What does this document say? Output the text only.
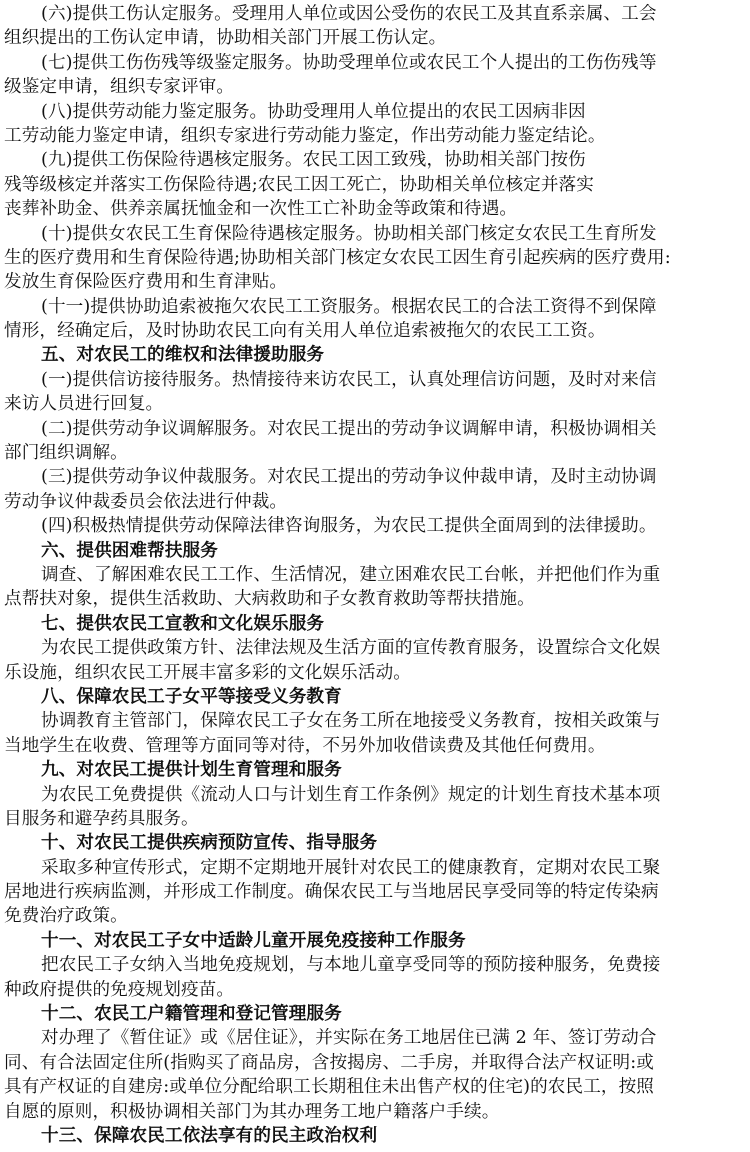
(六)提供工伤认定服务。受理用人单位或因公受伤的农民工及其直系亲属、工会
组织提出的工伤认定申请，协助相关部门开展工伤认定。
(七)提供工伤伤残等级鉴定服务。协助受理单位或农民工个人提出的工伤伤残等
级鉴定申请，组织专家评审。
(八)提供劳动能力鉴定服务。协助受理用人单位提出的农民工因病非因
工劳动能力鉴定申请，组织专家进行劳动能力鉴定，作出劳动能力鉴定结论。
(九)提供工伤保险待遇核定服务。农民工因工致残，协助相关部门按伤
残等级核定并落实工伤保险待遇;农民工因工死亡，协助相关单位核定并落实
丧葬补助金、供养亲属抚恤金和一次性工亡补助金等政策和待遇。
(十)提供女农民工生育保险待遇核定服务。协助相关部门核定女农民工生育所发
生的医疗费用和生育保险待遇;协助相关部门核定女农民工因生育引起疾病的医疗费用:
发放生育保险医疗费用和生育津贴。
(十一)提供协助追索被拖欠农民工工资服务。根据农民工的合法工资得不到保障
情形，经确定后，及时协助农民工向有关用人单位追索被拖欠的农民工工资。
五、对农民工的维权和法律援助服务
(一)提供信访接待服务。热情接待来访农民工，认真处理信访问题，及时对来信
来访人员进行回复。
(二)提供劳动争议调解服务。对农民工提出的劳动争议调解申请，积极协调相关
部门组织调解。
(三)提供劳动争议仲裁服务。对农民工提出的劳动争议仲裁申请，及时主动协调
劳动争议仲裁委员会依法进行仲裁。
(四)积极热情提供劳动保障法律咨询服务，为农民工提供全面周到的法律援助。
六、提供困难帮扶服务
调查、了解困难农民工工作、生活情况，建立困难农民工台帐，并把他们作为重
点帮扶对象，提供生活救助、大病救助和子女教育救助等帮扶措施。
七、提供农民工宣教和文化娱乐服务
为农民工提供政策方针、法律法规及生活方面的宣传教育服务，设置综合文化娱
乐设施，组织农民工开展丰富多彩的文化娱乐活动。
八、保障农民工子女平等接受义务教育
协调教育主管部门，保障农民工子女在务工所在地接受义务教育，按相关政策与
当地学生在收费、管理等方面同等对待，不另外加收借读费及其他任何费用。
九、对农民工提供计划生育管理和服务
为农民工免费提供《流动人口与计划生育工作条例》规定的计划生育技术基本项
目服务和避孕药具服务。
十、对农民工提供疾病预防宣传、指导服务
采取多种宣传形式，定期不定期地开展针对农民工的健康教育，定期对农民工聚
居地进行疾病监测，并形成工作制度。确保农民工与当地居民享受同等的特定传染病
免费治疗政策。
十一、对农民工子女中适龄儿童开展免疫接种工作服务
把农民工子女纳入当地免疫规划，与本地儿童享受同等的预防接种服务，免费接
种政府提供的免疫规划疫苗。
十二、农民工户籍管理和登记管理服务
对办理了《暂住证》或《居住证》，并实际在务工地居住已满 2 年、签订劳动合
同、有合法固定住所(指购买了商品房，含按揭房、二手房，并取得合法产权证明:或
具有产权证的自建房:或单位分配给职工长期租住未出售产权的住宅)的农民工，按照
自愿的原则，积极协调相关部门为其办理务工地户籍落户手续。
十三、保障农民工依法享有的民主政治权利
